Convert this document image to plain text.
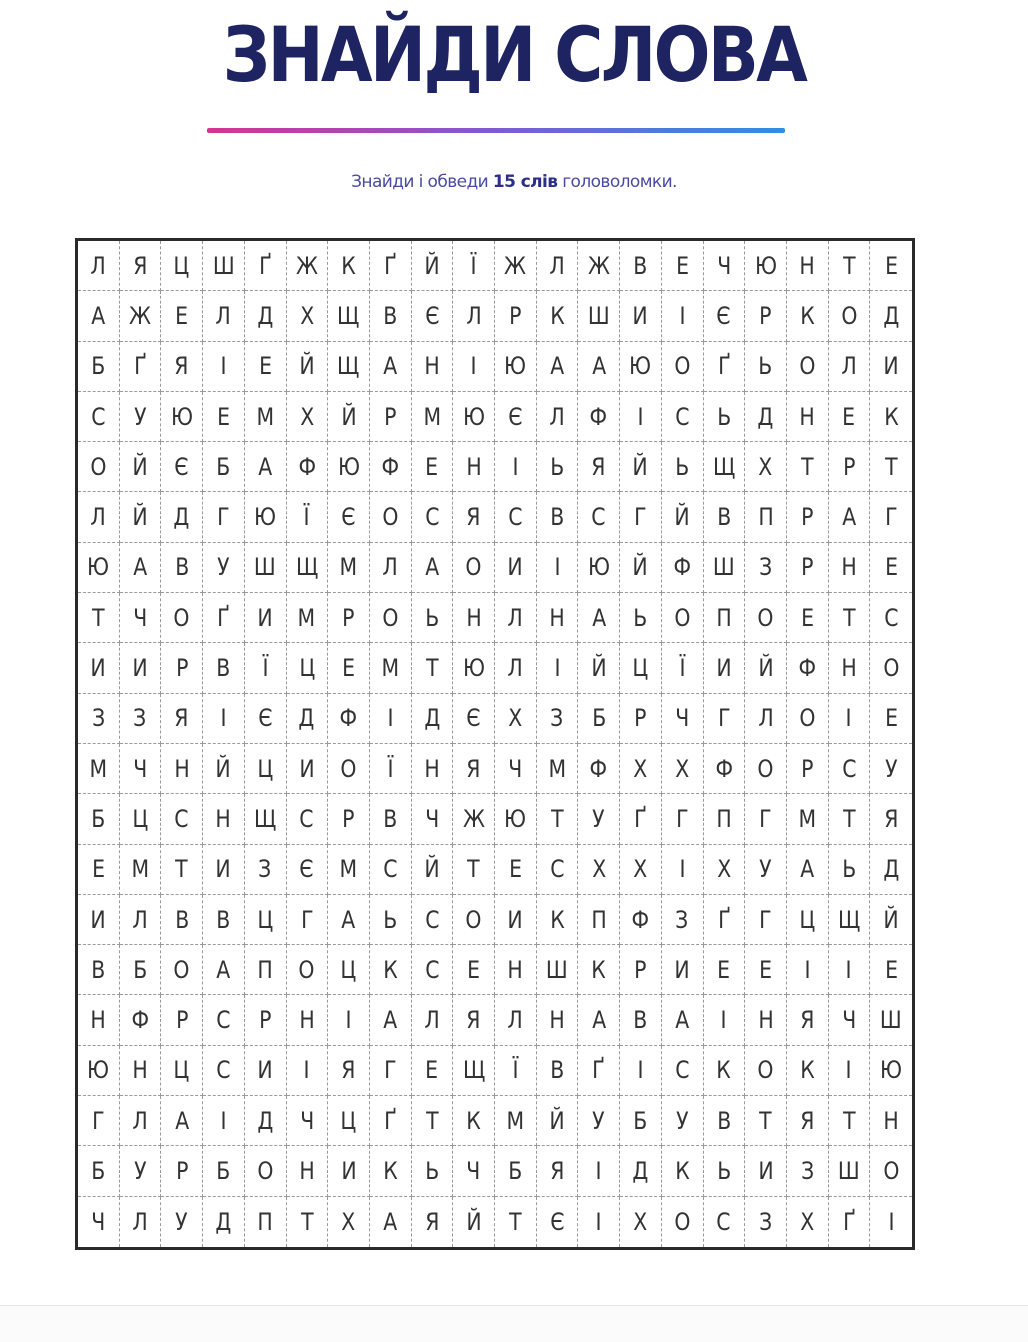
ЗНАЙДИ СЛОВА
Знайди і обведи 15 слів головоломки.
Л Я Ц Ш Ґ Ж К Ґ Й Ї Ж Л Ж В Е Ч Ю Н Т Е
А Ж Е Л Д Х Щ В Є Л Р К Ш И І Є Р К О Д
Б Ґ Я І Е Й Щ А Н І Ю А А Ю О Ґ Ь О Л И
С У Ю Е М Х Й Р М Ю Є Л Ф І С Ь Д Н Е К
О Й Є Б А Ф Ю Ф Е Н І Ь Я Й Ь Щ Х Т Р Т
Л Й Д Г Ю Ї Є О С Я С В С Г Й В П Р А Г
Ю А В У Ш Щ М Л А О И І Ю Й Ф Ш З Р Н Е
Т Ч О Ґ И М Р О Ь Н Л Н А Ь О П О Е Т С
И И Р В Ї Ц Е М Т Ю Л І Й Ц Ї И Й Ф Н О
З З Я І Є Д Ф І Д Є Х З Б Р Ч Г Л О І Е
М Ч Н Й Ц И О Ї Н Я Ч М Ф Х Х Ф О Р С У
Б Ц С Н Щ С Р В Ч Ж Ю Т У Ґ Г П Г М Т Я
Е М Т И З Є М С Й Т Е С Х Х І Х У А Ь Д
И Л В В Ц Г А Ь С О И К П Ф З Ґ Г Ц Щ Й
В Б О А П О Ц К С Е Н Ш К Р И Е Е І І Е
Н Ф Р С Р Н І А Л Я Л Н А В А І Н Я Ч Ш
Ю Н Ц С И І Я Г Е Щ Ї В Ґ І С К О К І Ю
Г Л А І Д Ч Ц Ґ Т К М Й У Б У В Т Я Т Н
Б У Р Б О Н И К Ь Ч Б Я І Д К Ь И З Ш О
Ч Л У Д П Т Х А Я Й Т Є І Х О С З Х Ґ І
